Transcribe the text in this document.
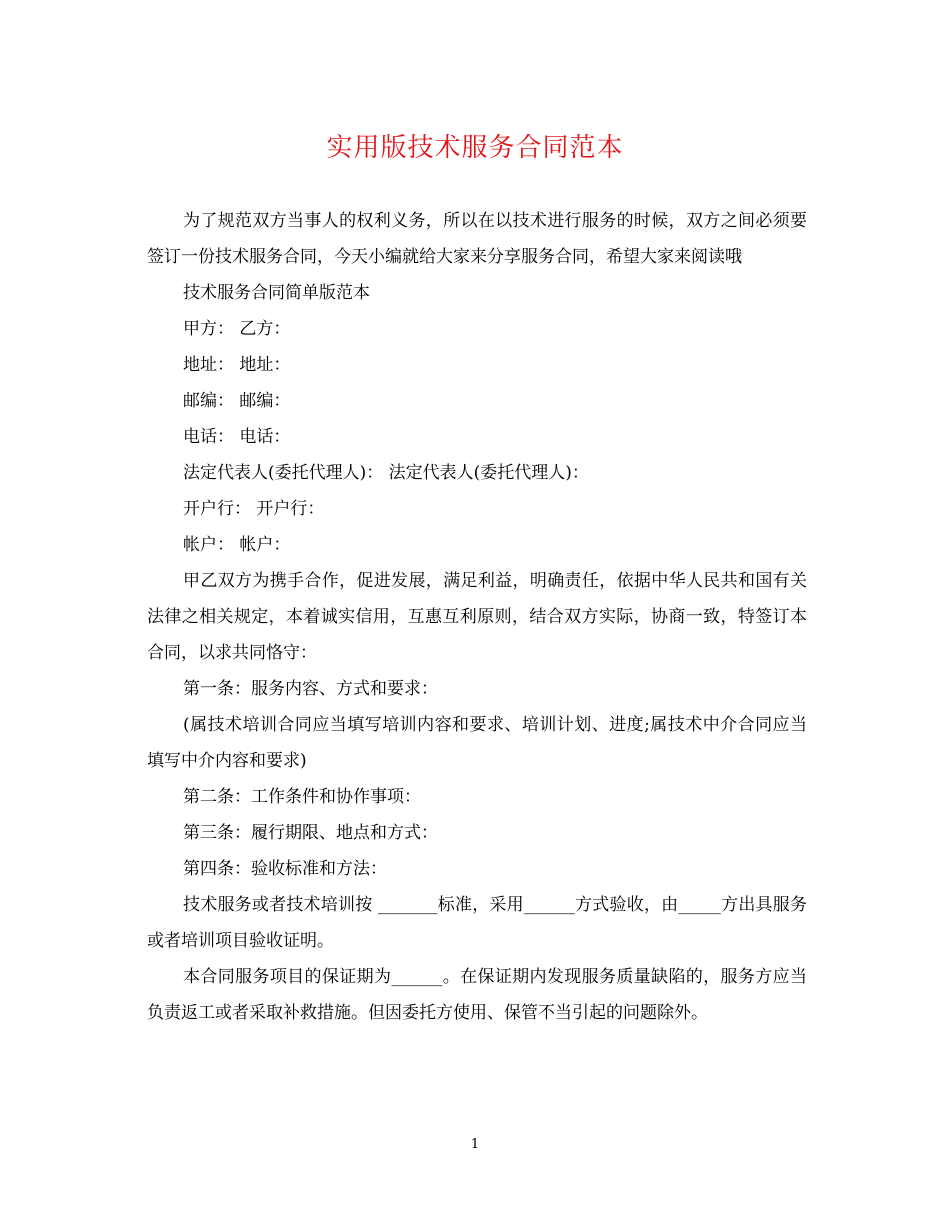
实用版技术服务合同范本

为了规范双方当事人的权利义务，所以在以技术进行服务的时候，双方之间必须要签订一份技术服务合同，今天小编就给大家来分享服务合同，希望大家来阅读哦

技术服务合同简单版范本

甲方： 乙方：

地址： 地址：

邮编： 邮编：

电话： 电话：

法定代表人(委托代理人)： 法定代表人(委托代理人)：

开户行： 开户行：

帐户： 帐户：

甲乙双方为携手合作，促进发展，满足利益，明确责任，依据中华人民共和国有关法律之相关规定，本着诚实信用，互惠互利原则，结合双方实际，协商一致，特签订本合同，以求共同恪守：

第一条：服务内容、方式和要求：

(属技术培训合同应当填写培训内容和要求、培训计划、进度;属技术中介合同应当填写中介内容和要求)

第二条：工作条件和协作事项：

第三条：履行期限、地点和方式：

第四条：验收标准和方法：

技术服务或者技术培训按 _______标准，采用______方式验收，由_____方出具服务或者培训项目验收证明。

本合同服务项目的保证期为______。在保证期内发现服务质量缺陷的，服务方应当负责返工或者采取补救措施。但因委托方使用、保管不当引起的问题除外。

1
